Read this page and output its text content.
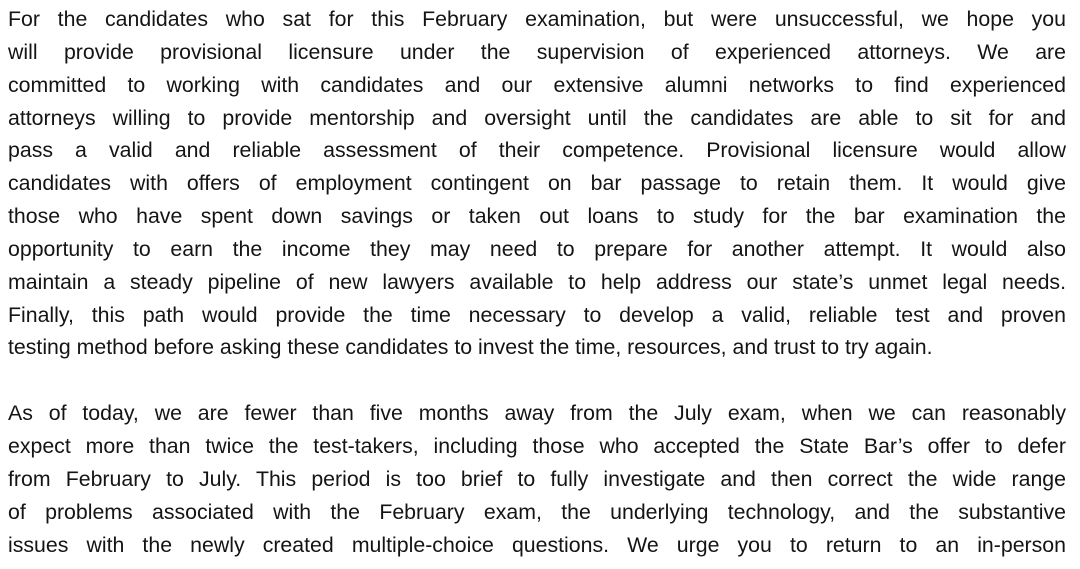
For the candidates who sat for this February examination, but were unsuccessful, we hope you
will provide provisional licensure under the supervision of experienced attorneys. We are
committed to working with candidates and our extensive alumni networks to find experienced
attorneys willing to provide mentorship and oversight until the candidates are able to sit for and
pass a valid and reliable assessment of their competence. Provisional licensure would allow
candidates with offers of employment contingent on bar passage to retain them. It would give
those who have spent down savings or taken out loans to study for the bar examination the
opportunity to earn the income they may need to prepare for another attempt. It would also
maintain a steady pipeline of new lawyers available to help address our state’s unmet legal needs.
Finally, this path would provide the time necessary to develop a valid, reliable test and proven
testing method before asking these candidates to invest the time, resources, and trust to try again.
As of today, we are fewer than five months away from the July exam, when we can reasonably
expect more than twice the test-takers, including those who accepted the State Bar’s offer to defer
from February to July. This period is too brief to fully investigate and then correct the wide range
of problems associated with the February exam, the underlying technology, and the substantive
issues with the newly created multiple-choice questions. We urge you to return to an in-person
